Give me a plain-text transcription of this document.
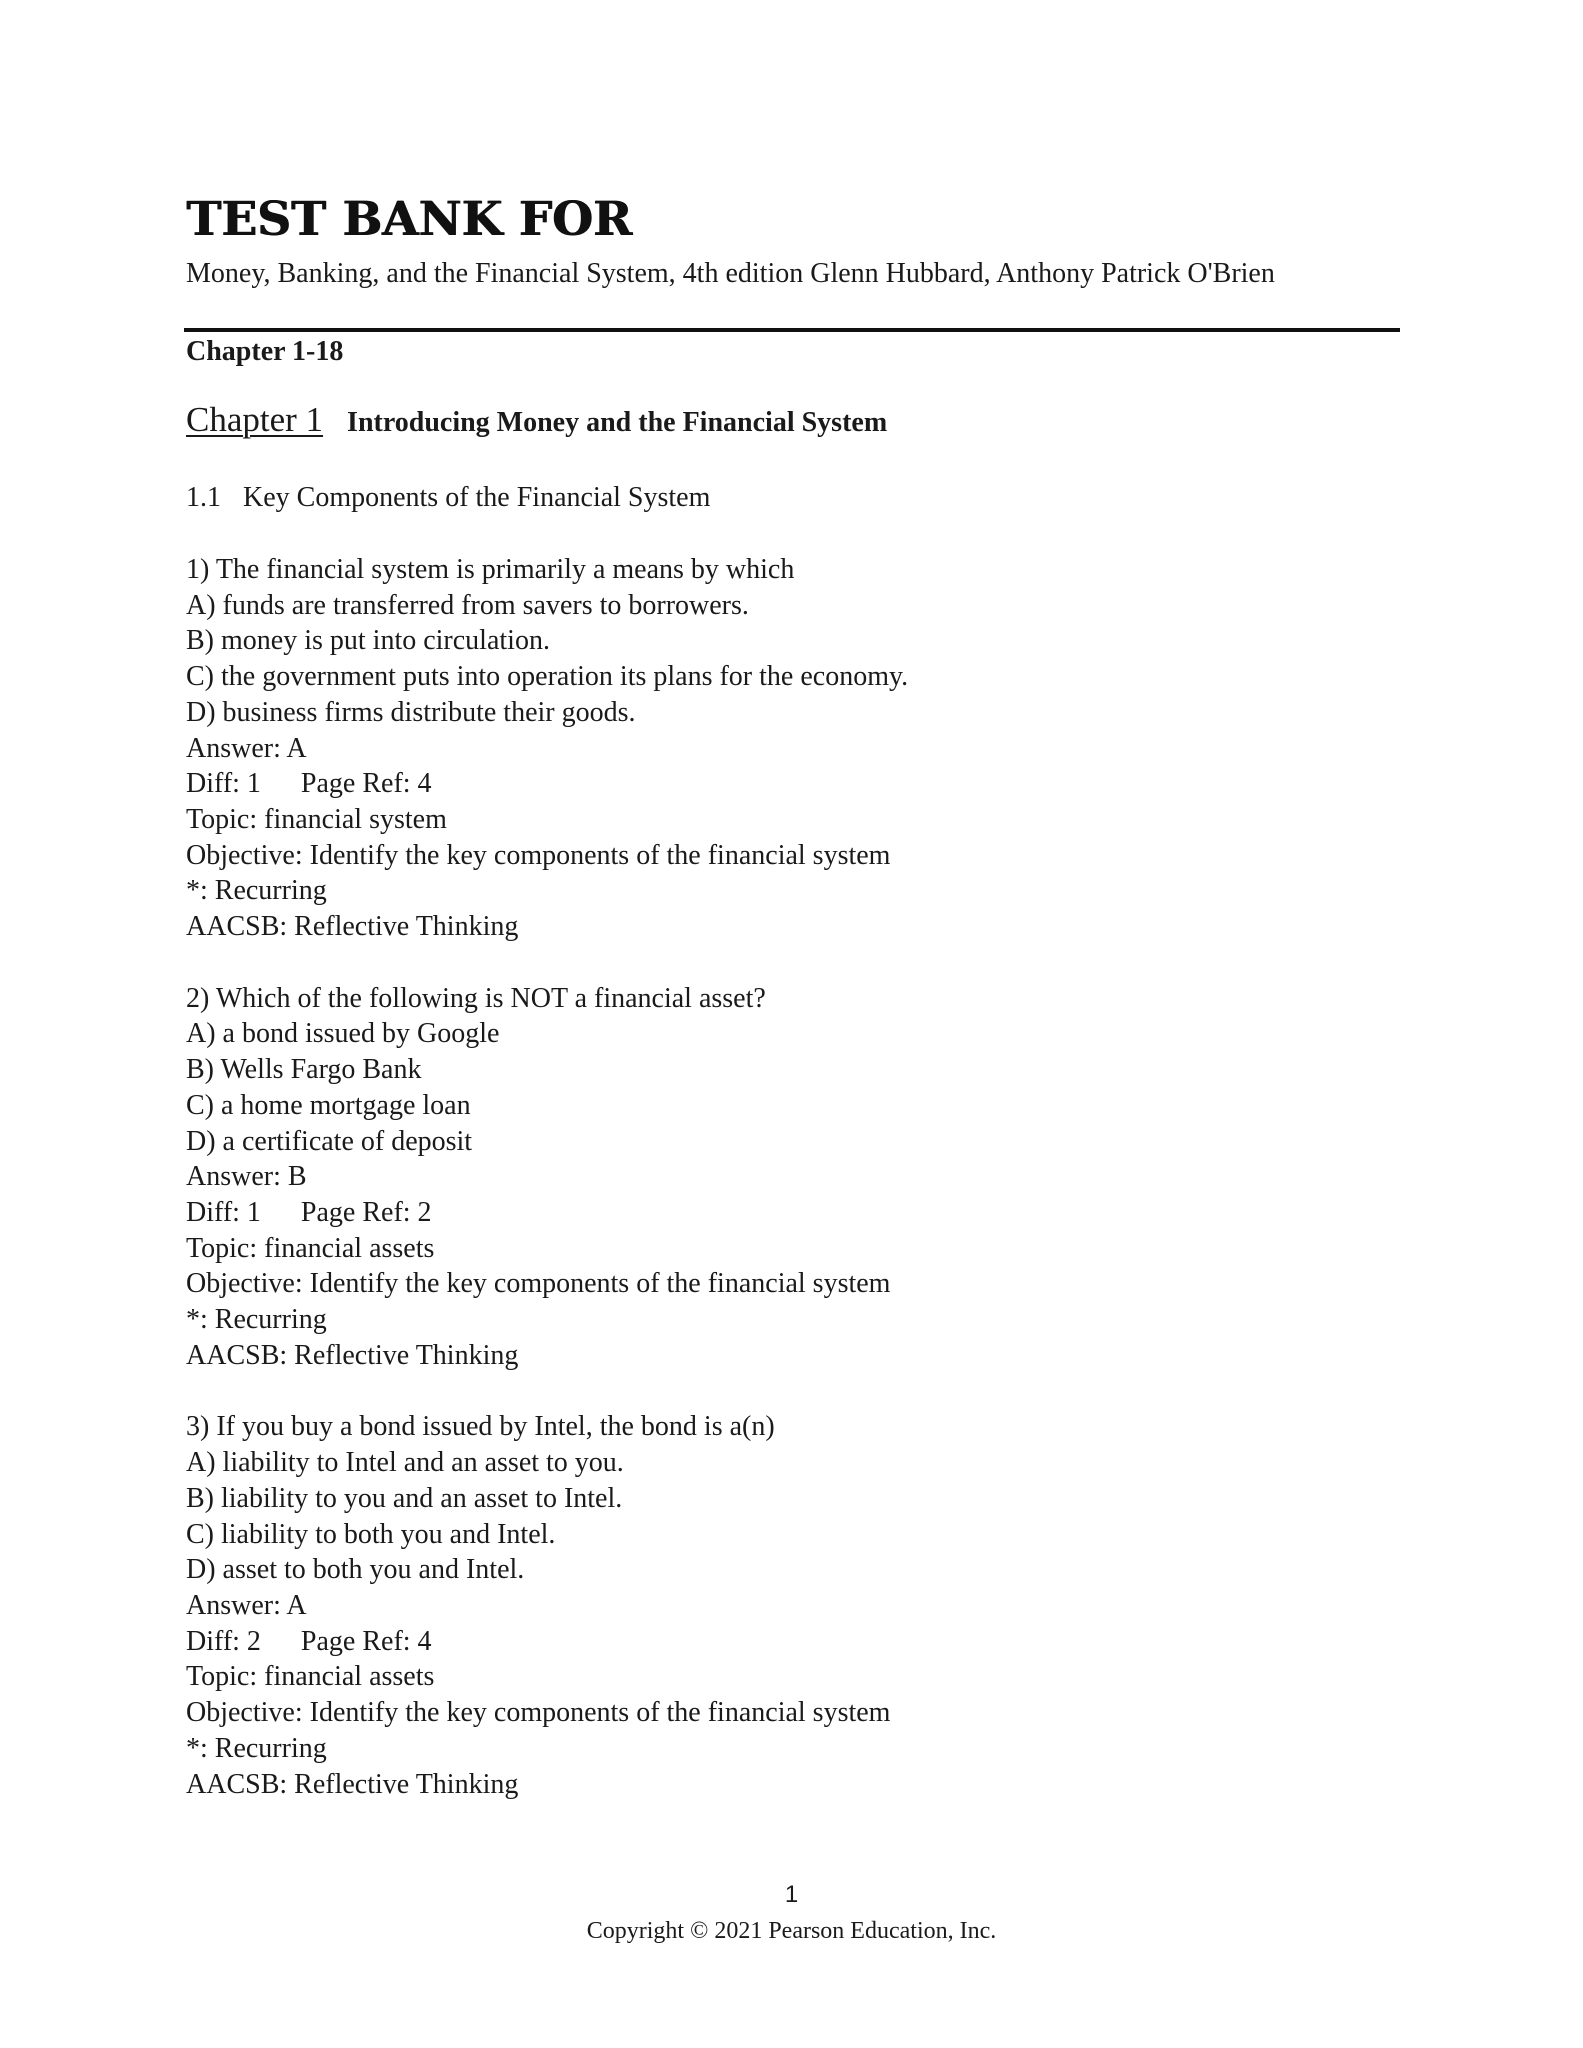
TEST BANK FOR
Money, Banking, and the Financial System, 4th edition Glenn Hubbard, Anthony Patrick O'Brien
Chapter 1-18
Chapter 1 Introducing Money and the Financial System
1.1 Key Components of the Financial System
1) The financial system is primarily a means by which
A) funds are transferred from savers to borrowers.
B) money is put into circulation.
C) the government puts into operation its plans for the economy.
D) business firms distribute their goods.
Answer: A
Diff: 1 Page Ref: 4
Topic: financial system
Objective: Identify the key components of the financial system
*: Recurring
AACSB: Reflective Thinking
2) Which of the following is NOT a financial asset?
A) a bond issued by Google
B) Wells Fargo Bank
C) a home mortgage loan
D) a certificate of deposit
Answer: B
Diff: 1 Page Ref: 2
Topic: financial assets
Objective: Identify the key components of the financial system
*: Recurring
AACSB: Reflective Thinking
3) If you buy a bond issued by Intel, the bond is a(n)
A) liability to Intel and an asset to you.
B) liability to you and an asset to Intel.
C) liability to both you and Intel.
D) asset to both you and Intel.
Answer: A
Diff: 2 Page Ref: 4
Topic: financial assets
Objective: Identify the key components of the financial system
*: Recurring
AACSB: Reflective Thinking
1
Copyright © 2021 Pearson Education, Inc.
